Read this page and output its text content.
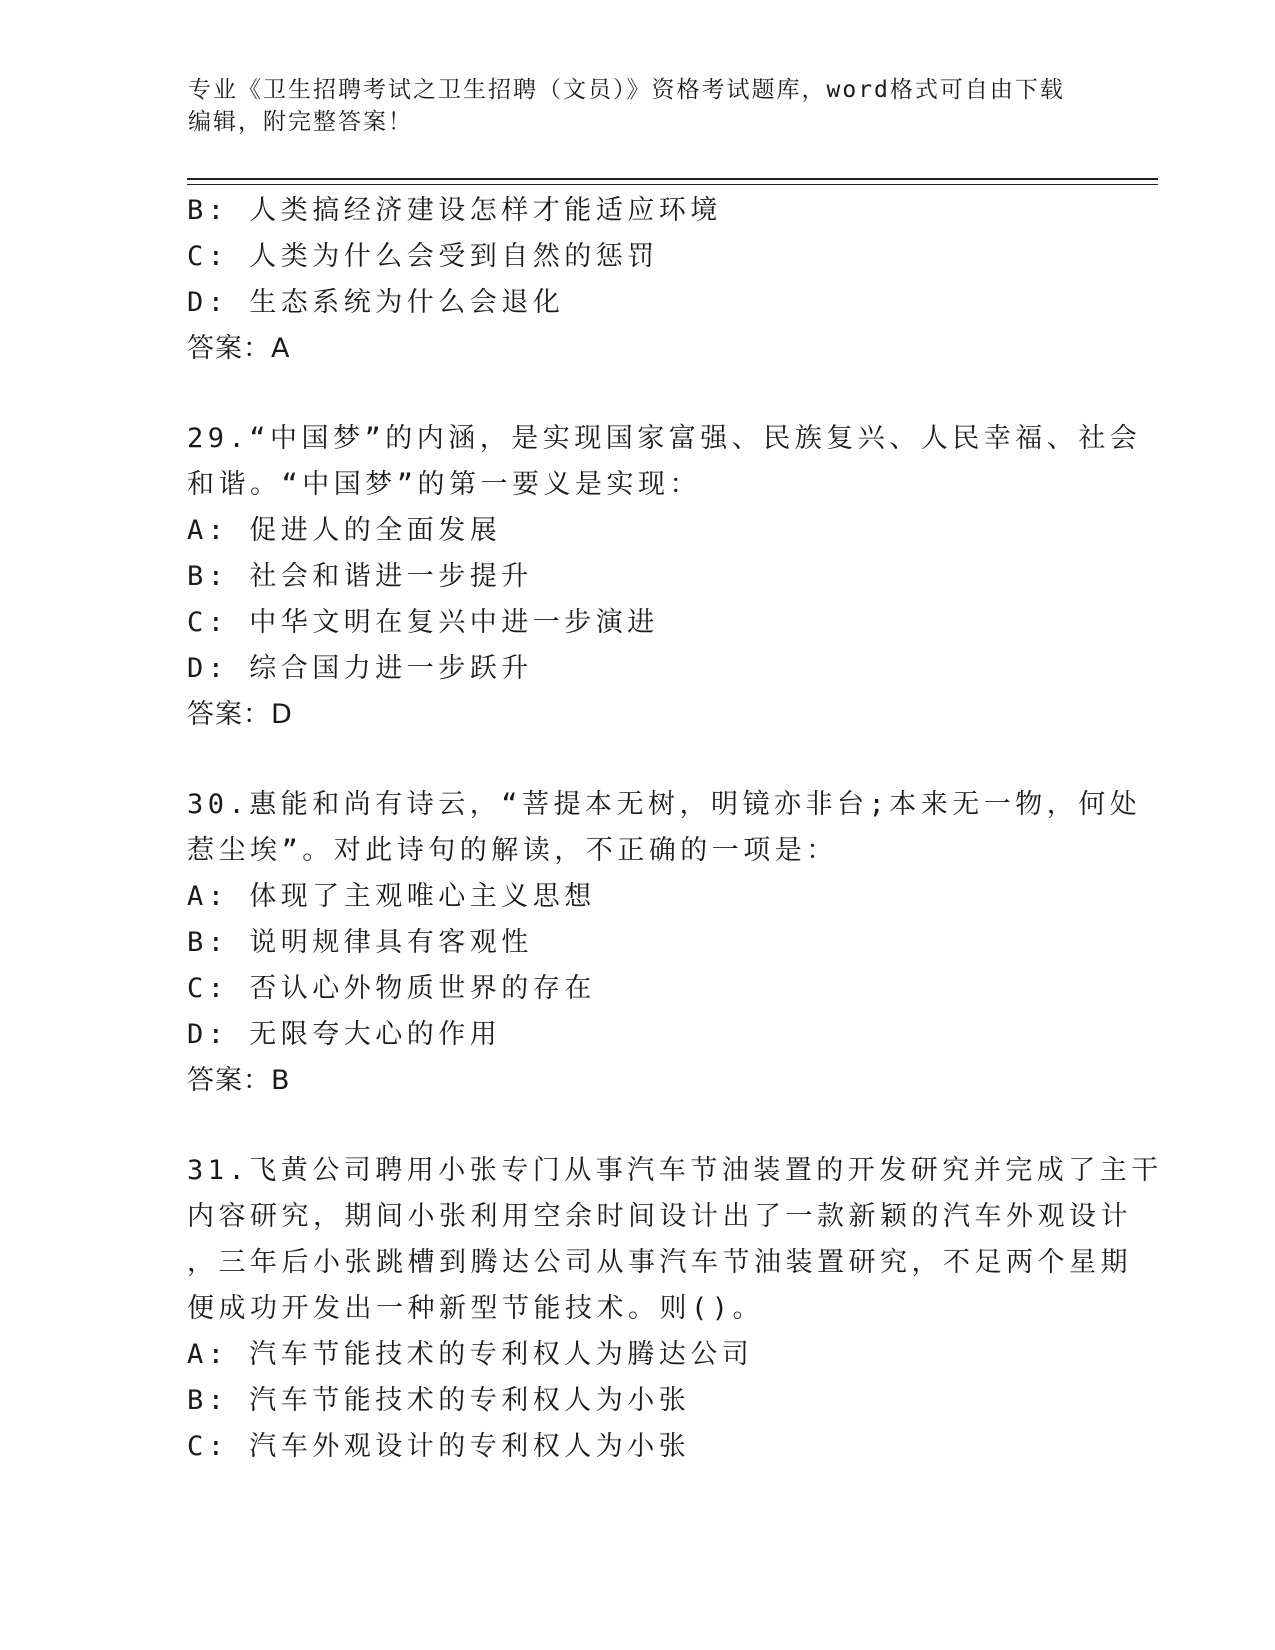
专业《卫生招聘考试之卫生招聘（文员）》资格考试题库，word格式可自由下载
编辑，附完整答案！
B: 人类搞经济建设怎样才能适应环境
C: 人类为什么会受到自然的惩罚
D: 生态系统为什么会退化
答案：A
29.“中国梦”的内涵，是实现国家富强、民族复兴、人民幸福、社会
和谐。“中国梦”的第一要义是实现：
A: 促进人的全面发展
B: 社会和谐进一步提升
C: 中华文明在复兴中进一步演进
D: 综合国力进一步跃升
答案：D
30.惠能和尚有诗云，“菩提本无树，明镜亦非台;本来无一物，何处
惹尘埃”。对此诗句的解读，不正确的一项是：
A: 体现了主观唯心主义思想
B: 说明规律具有客观性
C: 否认心外物质世界的存在
D: 无限夸大心的作用
答案：B
31.飞黄公司聘用小张专门从事汽车节油装置的开发研究并完成了主干
内容研究，期间小张利用空余时间设计出了一款新颖的汽车外观设计
，三年后小张跳槽到腾达公司从事汽车节油装置研究，不足两个星期
便成功开发出一种新型节能技术。则()。
A: 汽车节能技术的专利权人为腾达公司
B: 汽车节能技术的专利权人为小张
C: 汽车外观设计的专利权人为小张
